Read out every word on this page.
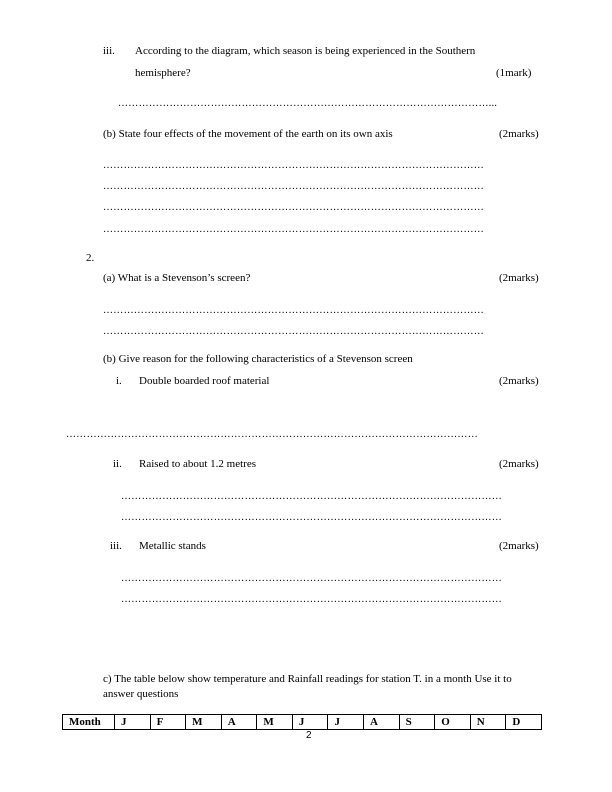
iii. According to the diagram, which season is being experienced in the Southern
hemisphere?	(1mark)
………………………………………………………………………………………………...
(b) State four effects of the movement of the earth on its own axis	(2marks)
…………………………………………………………………………………………………
…………………………………………………………………………………………………
…………………………………………………………………………………………………
…………………………………………………………………………………………………
2.
(a) What is a Stevenson’s screen?	(2marks)
…………………………………………………………………………………………………
…………………………………………………………………………………………………
(b) Give reason for the following characteristics of a Stevenson screen
i. Double boarded roof material	(2marks)
…………………………………………………………………………………………………………
ii. Raised to about 1.2 metres	(2marks)
…………………………………………………………………………………………………
…………………………………………………………………………………………………
iii. Metallic stands	(2marks)
…………………………………………………………………………………………………
…………………………………………………………………………………………………
c) The table below show temperature and Rainfall readings for station T. in a month Use it to
answer questions
Month	J	F	M	A	M	J	J	A	S	O	N	D
2
